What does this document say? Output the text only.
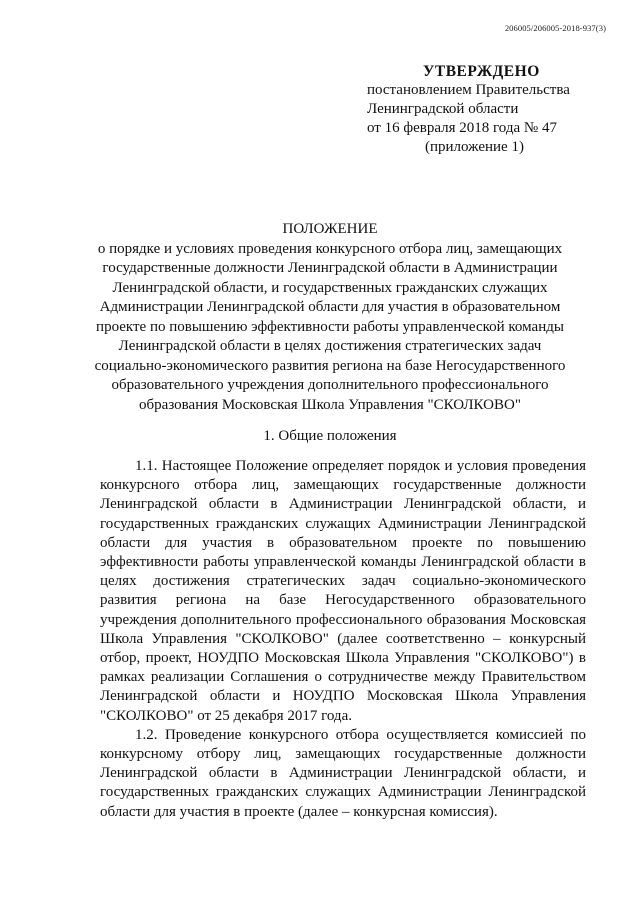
206005/206005-2018-937(3)
УТВЕРЖДЕНО
постановлением Правительства
Ленинградской области
от 16 февраля 2018 года № 47
(приложение 1)
ПОЛОЖЕНИЕ
о порядке и условиях проведения конкурсного отбора лиц, замещающих
государственные должности Ленинградской области в Администрации
Ленинградской области, и государственных гражданских служащих
Администрации Ленинградской области для участия в образовательном
проекте по повышению эффективности работы управленческой команды
Ленинградской области в целях достижения стратегических задач
социально-экономического развития региона на базе Негосударственного
образовательного учреждения дополнительного профессионального
образования Московская Школа Управления "СКОЛКОВО"
1. Общие положения

1.1. Настоящее Положение определяет порядок и условия проведения конкурсного отбора лиц, замещающих государственные должности Ленинградской области в Администрации Ленинградской области, и государственных гражданских служащих Администрации Ленинградской области для участия в образовательном проекте по повышению эффективности работы управленческой команды Ленинградской области в целях достижения стратегических задач социально-экономического развития региона на базе Негосударственного образовательного учреждения дополнительного профессионального образования Московская Школа Управления "СКОЛКОВО" (далее соответственно – конкурсный отбор, проект, НОУДПО Московская Школа Управления "СКОЛКОВО") в рамках реализации Соглашения о сотрудничестве между Правительством Ленинградской области и НОУДПО Московская Школа Управления "СКОЛКОВО" от 25 декабря 2017 года.

1.2. Проведение конкурсного отбора осуществляется комиссией по конкурсному отбору лиц, замещающих государственные должности Ленинградской области в Администрации Ленинградской области, и государственных гражданских служащих Администрации Ленинградской области для участия в проекте (далее – конкурсная комиссия).
